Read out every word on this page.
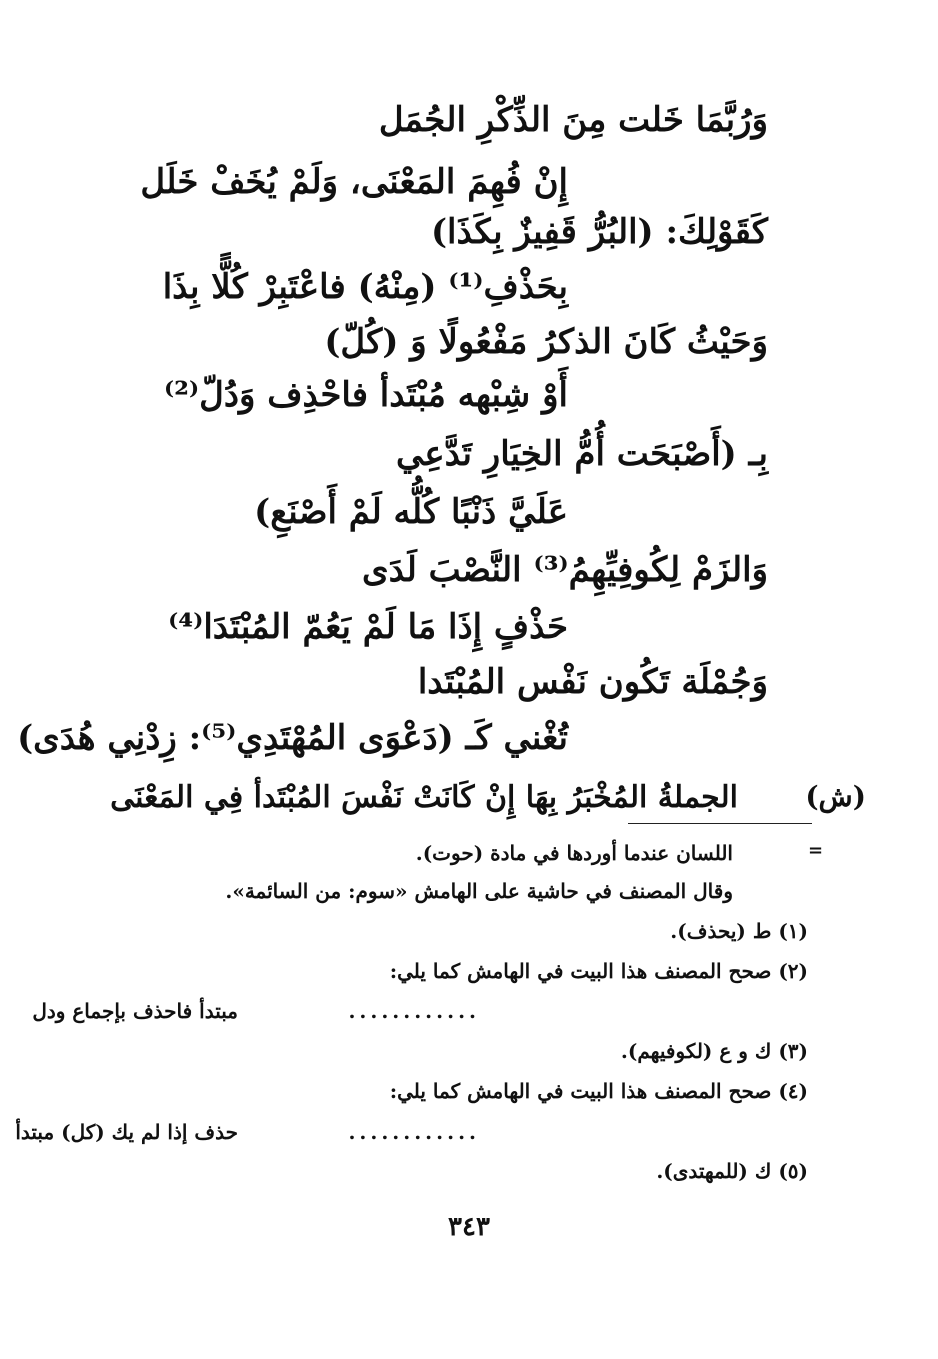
وَرُبَّمَا خَلت مِنَ الذِّكْرِ الجُمَل
إِنْ فُهِمَ المَعْنَى، وَلَمْ يُخَفْ خَلَل
كَقَوْلِكَ: (البُرُّ قَفِيزٌ بِكَذَا)
بِحَذْفِ⁽¹⁾ (مِنْهُ) فاعْتَبِرْ كُلًّا بِذَا
وَحَيْثُ كَانَ الذكرُ مَفْعُولًا وَ (كُلّ)
أَوْ شِبْهه مُبْتَدأ فاحْذِف وَدُلّ⁽²⁾
بِـ (أَصْبَحَت أُمُّ الخِيَارِ تَدَّعِي
عَلَيَّ ذَنْبًا كُلُّه لَمْ أَصْنَعِ)
وَالزَمْ لِكُوفِيِّهِمُ⁽³⁾ النَّصْبَ لَدَى
حَذْفٍ إِذَا مَا لَمْ يَعُمّ المُبْتَدَا⁽⁴⁾
وَجُمْلَة تَكُون نَفْس المُبْتَدا
تُغْني كَـ (دَعْوَى المُهْتَدِي⁽⁵⁾: زِدْنِي هُدَى)
(ش)
الجملةُ المُخْبَرُ بِهَا إِنْ كَانَتْ نَفْسَ المُبْتَدأ فِي المَعْنَى
=
اللسان عندما أوردها في مادة (حوت).
وقال المصنف في حاشية على الهامش «سوم: من السائمة».
(١) ط (يحذف).
(٢) صحح المصنف هذا البيت في الهامش كما يلي:
............
مبتدأ فاحذف بإجماع ودل
(٣) ك و ع (لكوفيهم).
(٤) صحح المصنف هذا البيت في الهامش كما يلي:
............
حذف إذا لم يك (كل) مبتدأ
(٥) ك (للمهتدى).
٣٤٣
